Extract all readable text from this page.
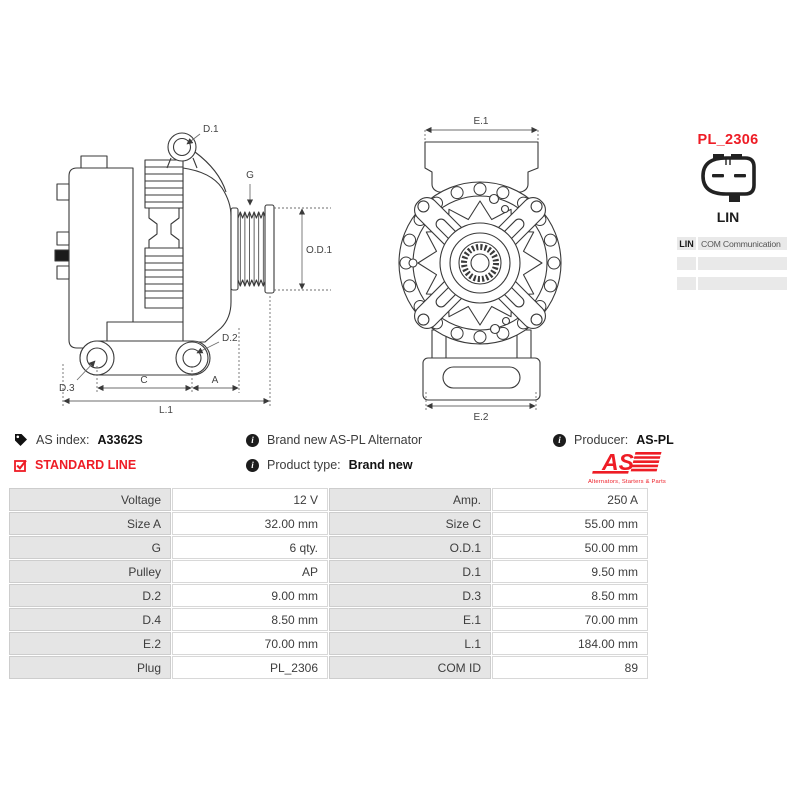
D.1
G
O.D.1
D.2
D.3
C	A
L.1
E.1
E.2
PL_2306
LIN
LIN COM Communication
AS index: A3362S
STANDARD LINE
i	Brand new AS-PL Alternator
i	Product type: Brand new
i	Producer: AS-PL
AS
Alternators, Starters & Parts
Voltage	12 V	Amp.	250 A
Size A	32.00 mm	Size C	55.00 mm
G	6 qty.	O.D.1	50.00 mm
Pulley	AP	D.1	9.50 mm
D.2	9.00 mm	D.3	8.50 mm
D.4	8.50 mm	E.1	70.00 mm
E.2	70.00 mm	L.1	184.00 mm
Plug	PL_2306	COM ID	89
